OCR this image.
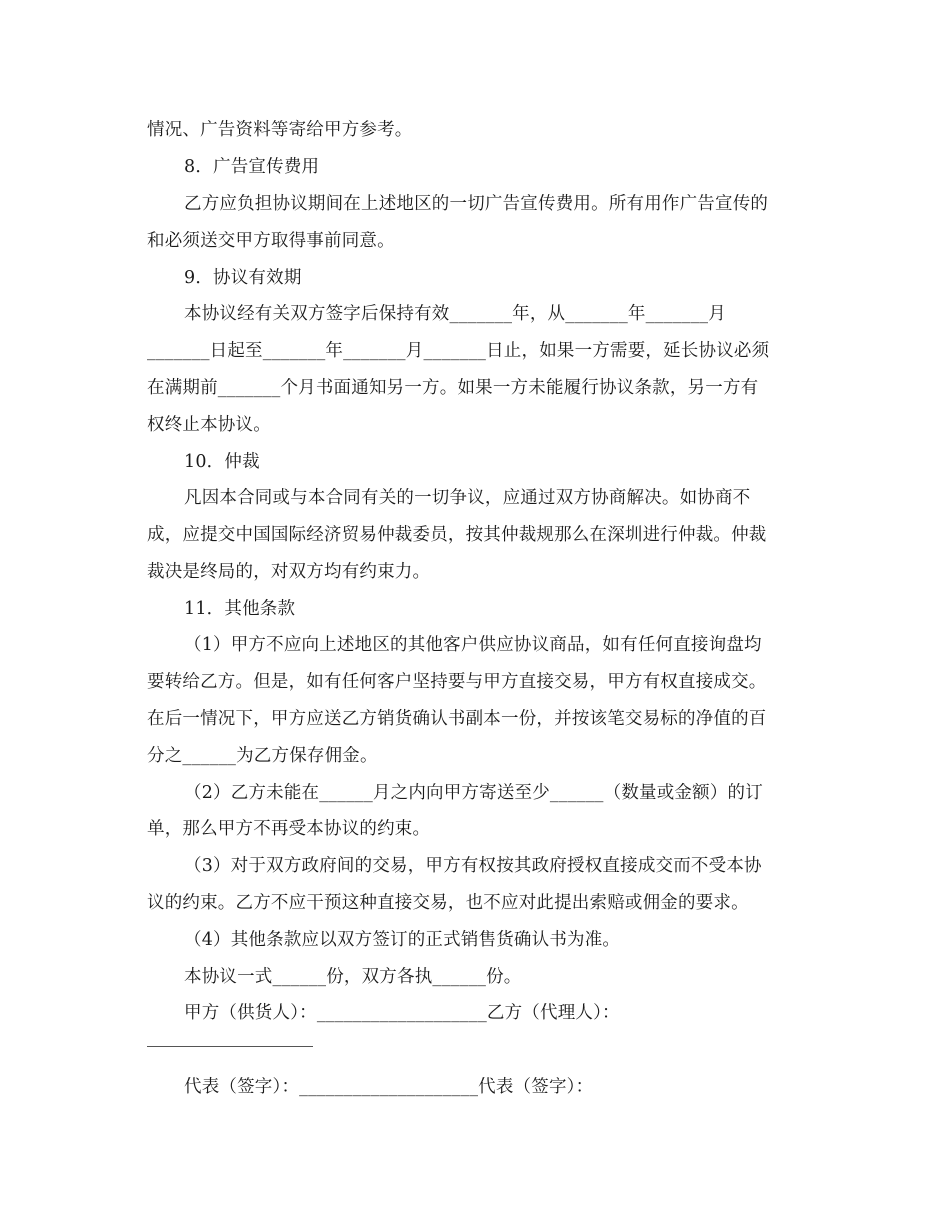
情况、广告资料等寄给甲方参考。
8．广告宣传费用
乙方应负担协议期间在上述地区的一切广告宣传费用。所有用作广告宣传的
和必须送交甲方取得事前同意。
9．协议有效期
本协议经有关双方签字后保持有效_______年，从_______年_______月
_______日起至_______年_______月_______日止，如果一方需要，延长协议必须
在满期前_______个月书面通知另一方。如果一方未能履行协议条款，另一方有
权终止本协议。
10．仲裁
凡因本合同或与本合同有关的一切争议，应通过双方协商解决。如协商不
成，应提交中国国际经济贸易仲裁委员，按其仲裁规那么在深圳进行仲裁。仲裁
裁决是终局的，对双方均有约束力。
11．其他条款
（1）甲方不应向上述地区的其他客户供应协议商品，如有任何直接询盘均
要转给乙方。但是，如有任何客户坚持要与甲方直接交易，甲方有权直接成交。
在后一情况下，甲方应送乙方销货确认书副本一份，并按该笔交易标的净值的百
分之______为乙方保存佣金。
（2）乙方未能在______月之内向甲方寄送至少______（数量或金额）的订
单，那么甲方不再受本协议的约束。
（3）对于双方政府间的交易，甲方有权按其政府授权直接成交而不受本协
议的约束。乙方不应干预这种直接交易，也不应对此提出索赔或佣金的要求。
（4）其他条款应以双方签订的正式销售货确认书为准。
本协议一式______份，双方各执______份。
甲方（供货人）：___________________乙方（代理人）：
代表（签字）：____________________代表（签字）：
